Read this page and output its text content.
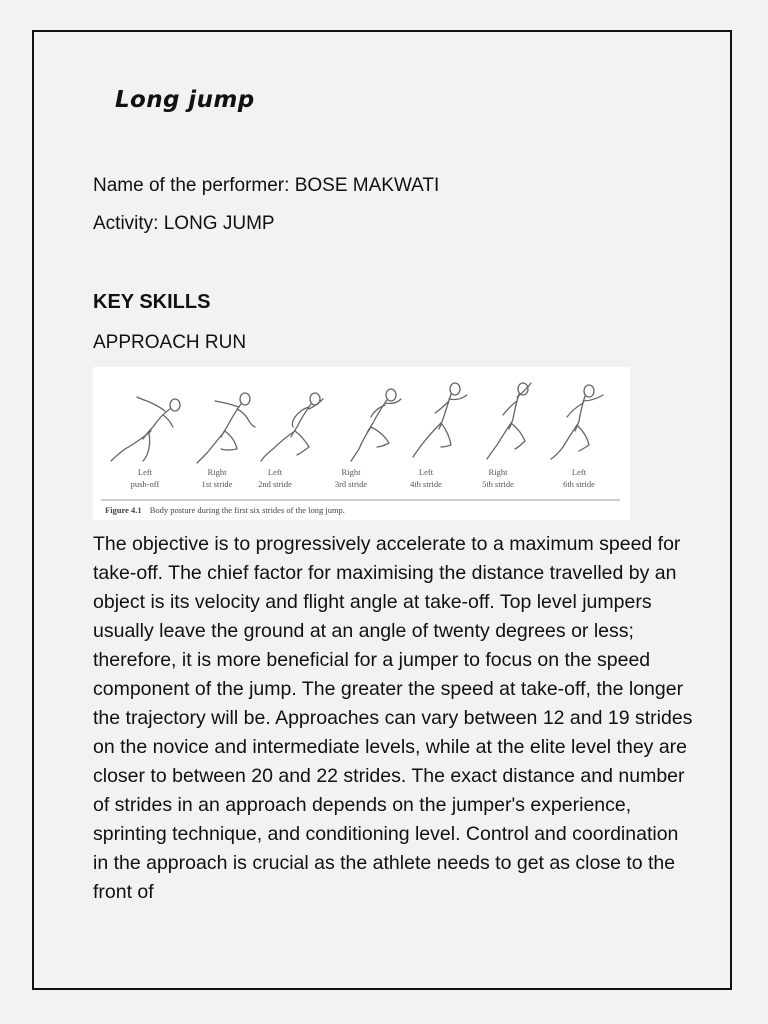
Long jump

Name of the performer: BOSE MAKWATI

Activity: LONG JUMP

KEY SKILLS
APPROACH RUN
Left
push-off
Right
1st stride
Left
2nd stride
Right
3rd stride
Left
4th stride
Right
5th stride
Left
6th stride
Figure 4.1 Body posture during the first six strides of the long jump.

The objective is to progressively accelerate to a maximum speed for take-off. The chief factor for maximising the distance travelled by an object is its velocity and flight angle at take-off. Top level jumpers usually leave the ground at an angle of twenty degrees or less; therefore, it is more beneficial for a jumper to focus on the speed component of the jump. The greater the speed at take-off, the longer the trajectory will be. Approaches can vary between 12 and 19 strides on the novice and intermediate levels, while at the elite level they are closer to between 20 and 22 strides. The exact distance and number of strides in an approach depends on the jumper's experience, sprinting technique, and conditioning level. Control and coordination in the approach is crucial as the athlete needs to get as close to the front of
